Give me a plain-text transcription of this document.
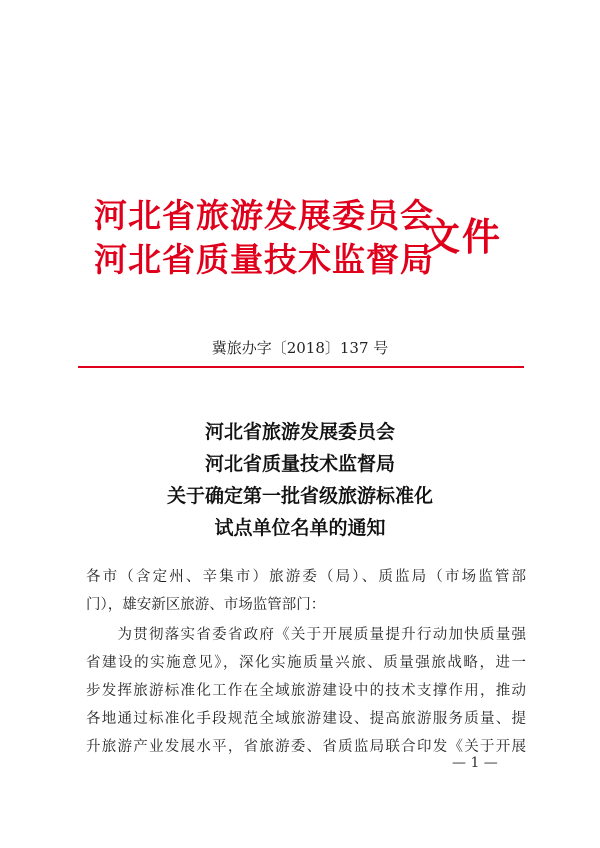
河北省旅游发展委员会
河北省质量技术监督局
文件
冀旅办字〔2018〕137 号
河北省旅游发展委员会
河北省质量技术监督局
关于确定第一批省级旅游标准化
试点单位名单的通知
各市（含定州、辛集市）旅游委（局）、质监局（市场监管部
门），雄安新区旅游、市场监管部门：
　　为贯彻落实省委省政府《关于开展质量提升行动加快质量强
省建设的实施意见》，深化实施质量兴旅、质量强旅战略，进一
步发挥旅游标准化工作在全域旅游建设中的技术支撑作用，推动
各地通过标准化手段规范全域旅游建设、提高旅游服务质量、提
升旅游产业发展水平，省旅游委、省质监局联合印发《关于开展
— 1 —
